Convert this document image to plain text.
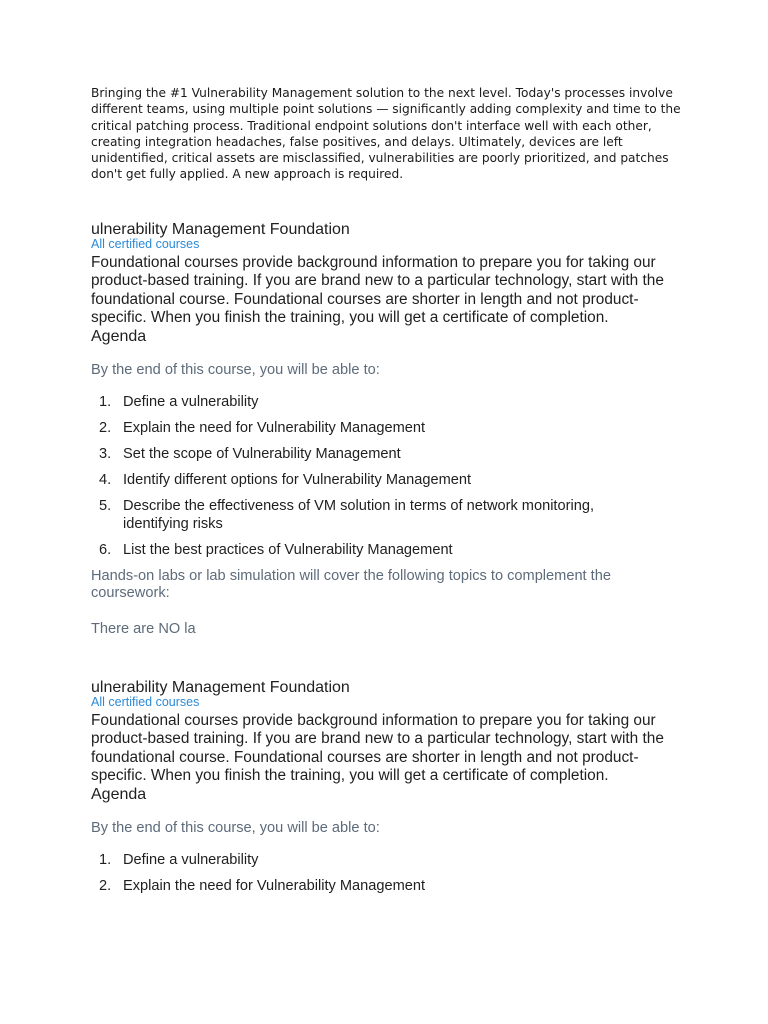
Bringing the #1 Vulnerability Management solution to the next level. Today's processes involve different teams, using multiple point solutions — significantly adding complexity and time to the critical patching process. Traditional endpoint solutions don't interface well with each other, creating integration headaches, false positives, and delays. Ultimately, devices are left unidentified, critical assets are misclassified, vulnerabilities are poorly prioritized, and patches don't get fully applied. A new approach is required.

ulnerability Management Foundation
All certified courses

Foundational courses provide background information to prepare you for taking our product-based training. If you are brand new to a particular technology, start with the foundational course. Foundational courses are shorter in length and not product-specific. When you finish the training, you will get a certificate of completion.

Agenda

By the end of this course, you will be able to:

1. Define a vulnerability
2. Explain the need for Vulnerability Management
3. Set the scope of Vulnerability Management
4. Identify different options for Vulnerability Management
5. Describe the effectiveness of VM solution in terms of network monitoring, identifying risks
6. List the best practices of Vulnerability Management

Hands-on labs or lab simulation will cover the following topics to complement the coursework:

There are NO la

ulnerability Management Foundation
All certified courses

Foundational courses provide background information to prepare you for taking our product-based training. If you are brand new to a particular technology, start with the foundational course. Foundational courses are shorter in length and not product-specific. When you finish the training, you will get a certificate of completion.

Agenda

By the end of this course, you will be able to:

1. Define a vulnerability
2. Explain the need for Vulnerability Management
